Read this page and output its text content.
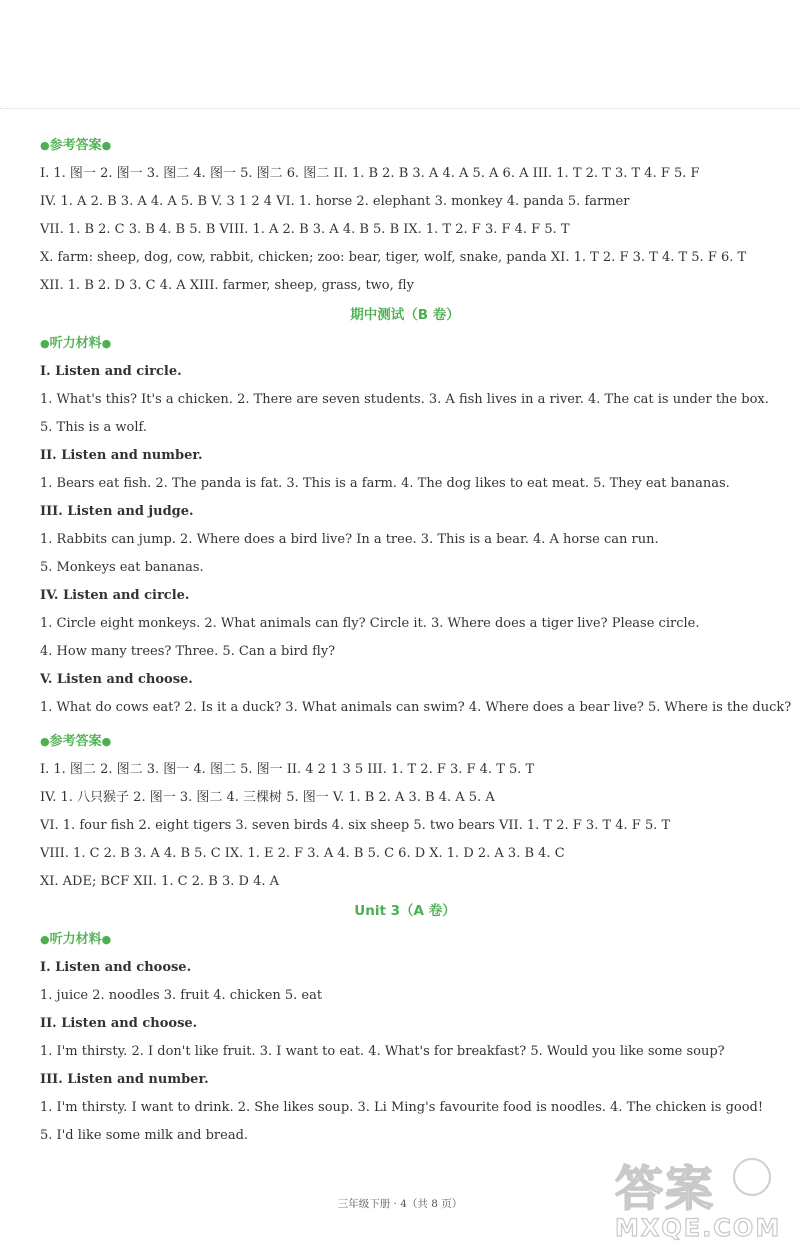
●参考答案●
I. 1. 图一 2. 图一 3. 图二 4. 图一 5. 图二 6. 图二 II. 1. B 2. B 3. A 4. A 5. A 6. A III. 1. T 2. T 3. T 4. F 5. F
IV. 1. A 2. B 3. A 4. A 5. B V. 3 1 2 4 VI. 1. horse 2. elephant 3. monkey 4. panda 5. farmer
VII. 1. B 2. C 3. B 4. B 5. B VIII. 1. A 2. B 3. A 4. B 5. B IX. 1. T 2. F 3. F 4. F 5. T
X. farm: sheep, dog, cow, rabbit, chicken; zoo: bear, tiger, wolf, snake, panda XI. 1. T 2. F 3. T 4. T 5. F 6. T
XII. 1. B 2. D 3. C 4. A XIII. farmer, sheep, grass, two, fly
期中测试（B 卷）
●听力材料●
I. Listen and circle.
1. What's this? It's a chicken. 2. There are seven students. 3. A fish lives in a river. 4. The cat is under the box.
5. This is a wolf.
II. Listen and number.
1. Bears eat fish. 2. The panda is fat. 3. This is a farm. 4. The dog likes to eat meat. 5. They eat bananas.
III. Listen and judge.
1. Rabbits can jump. 2. Where does a bird live? In a tree. 3. This is a bear. 4. A horse can run.
5. Monkeys eat bananas.
IV. Listen and circle.
1. Circle eight monkeys. 2. What animals can fly? Circle it. 3. Where does a tiger live? Please circle.
4. How many trees? Three. 5. Can a bird fly?
V. Listen and choose.
1. What do cows eat? 2. Is it a duck? 3. What animals can swim? 4. Where does a bear live? 5. Where is the duck?
●参考答案●
I. 1. 图二 2. 图二 3. 图一 4. 图二 5. 图一 II. 4 2 1 3 5 III. 1. T 2. F 3. F 4. T 5. T
IV. 1. 八只猴子 2. 图一 3. 图二 4. 三棵树 5. 图一 V. 1. B 2. A 3. B 4. A 5. A
VI. 1. four fish 2. eight tigers 3. seven birds 4. six sheep 5. two bears VII. 1. T 2. F 3. T 4. F 5. T
VIII. 1. C 2. B 3. A 4. B 5. C IX. 1. E 2. F 3. A 4. B 5. C 6. D X. 1. D 2. A 3. B 4. C
XI. ADE; BCF XII. 1. C 2. B 3. D 4. A
Unit 3（A 卷）
●听力材料●
I. Listen and choose.
1. juice 2. noodles 3. fruit 4. chicken 5. eat
II. Listen and choose.
1. I'm thirsty. 2. I don't like fruit. 3. I want to eat. 4. What's for breakfast? 5. Would you like some soup?
III. Listen and number.
1. I'm thirsty. I want to drink. 2. She likes soup. 3. Li Ming's favourite food is noodles. 4. The chicken is good!
5. I'd like some milk and bread.
三年级下册 · 4（共 8 页）	答案
MXQE.COM
